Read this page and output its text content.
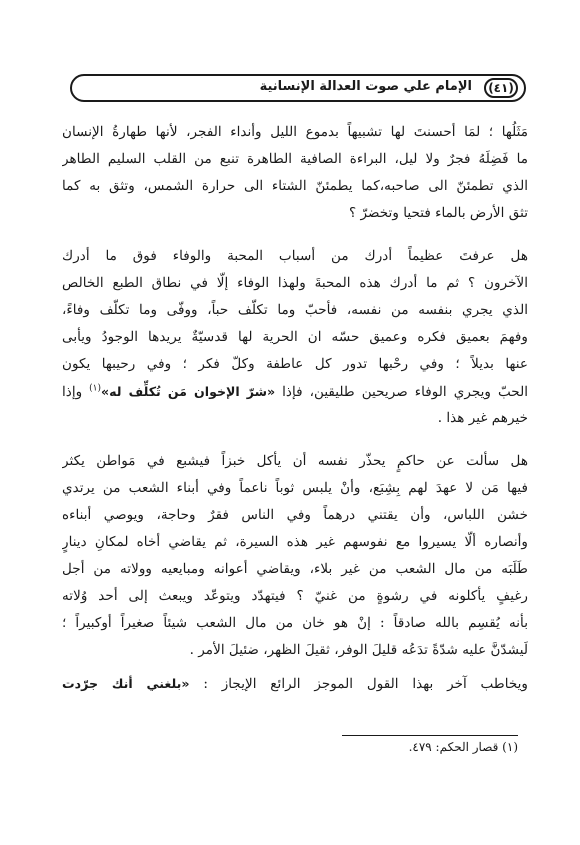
(٤١)
الإمام علي صوت العدالة الإنسانية
مَثَلُها ؛ لمَا أحسنتَ لها تشبيهاً بدموع الليل وأنداء الفجر، لأنها طهارةُ الإنسان
ما فَضِلَهُ فجرٌ ولا ليل، البراءة الصافية الطاهرة تنبع من القلب السليم الطاهر
الذي تطمئنّ الى صاحبه،كما يطمئنّ الشتاء الى حرارة الشمس، وتثق به كما
تثق الأرض بالماء فتحيا وتخضرّ ؟
هل عرفتَ عظيماً أدرك من أسباب المحبة والوفاء فوق ما أدرك
الآخرون ؟ ثم ما أدرك هذه المحبةَ ولهذا الوفاء إلّا في نطاق الطبع الخالص
الذي يجري بنفسه من نفسه، فأحبّ وما تكلّف حباً، ووفّى وما تكلّف وفاءً،
وفهمَ بعميق فكره وعميق حسّه ان الحرية لها قدسيّةٌ يريدها الوجودُ ويأبى
عنها بديلاً ؛ وفي رحْبها تدور كل عاطفة وكلّ فكر ؛ وفي رحيبها يكون
الحبّ ويجري الوفاء صريحين طليقين، فإذا «شرّ الإخوان مَن تُكلِّف له»$^{(١)}$ وإذا
خيرهم غير هذا .
هل سألت عن حاكمٍ يحذّر نفسه أن يأكل خبزاً فيشبع في مَواطن يكثر
فيها مَن لا عهدَ لهم بِشِبَع، وأنْ يلبس ثوباً ناعماً وفي أبناء الشعب من يرتدي
خشن اللباس، وأن يقتني درهماً وفي الناس فقرٌ وحاجة، ويوصي أبناءه
وأنصاره ألّا يسيروا مع نفوسهم غير هذه السيرة، ثم يقاضي أخاه لمكانِ دينارٍ
طَلَبَه من مال الشعب من غير بلاء، ويقاضي أعوانه ومبايعيه وولاته من أجل
رغيفٍ يأكلونه في رشوةٍ من غنيّ ؟ فيتهدّد ويتوعّد ويبعث إلى أحد وُلاته
بأنه يُقسِم بالله صادقاً : إنْ هو خان من مال الشعب شيئاً صغيراً أوكبيراً ؛
لَيشدّنَّ عليه شدّةً تدَعُه قليلَ الوفر، ثقيلَ الظهر، ضئيلَ الأمر .
ويخاطب آخر بهذا القول الموجز الرائع الإيجاز : «بلغني أنك جرّدت
(١) قصار الحكم: ٤٧٩.
